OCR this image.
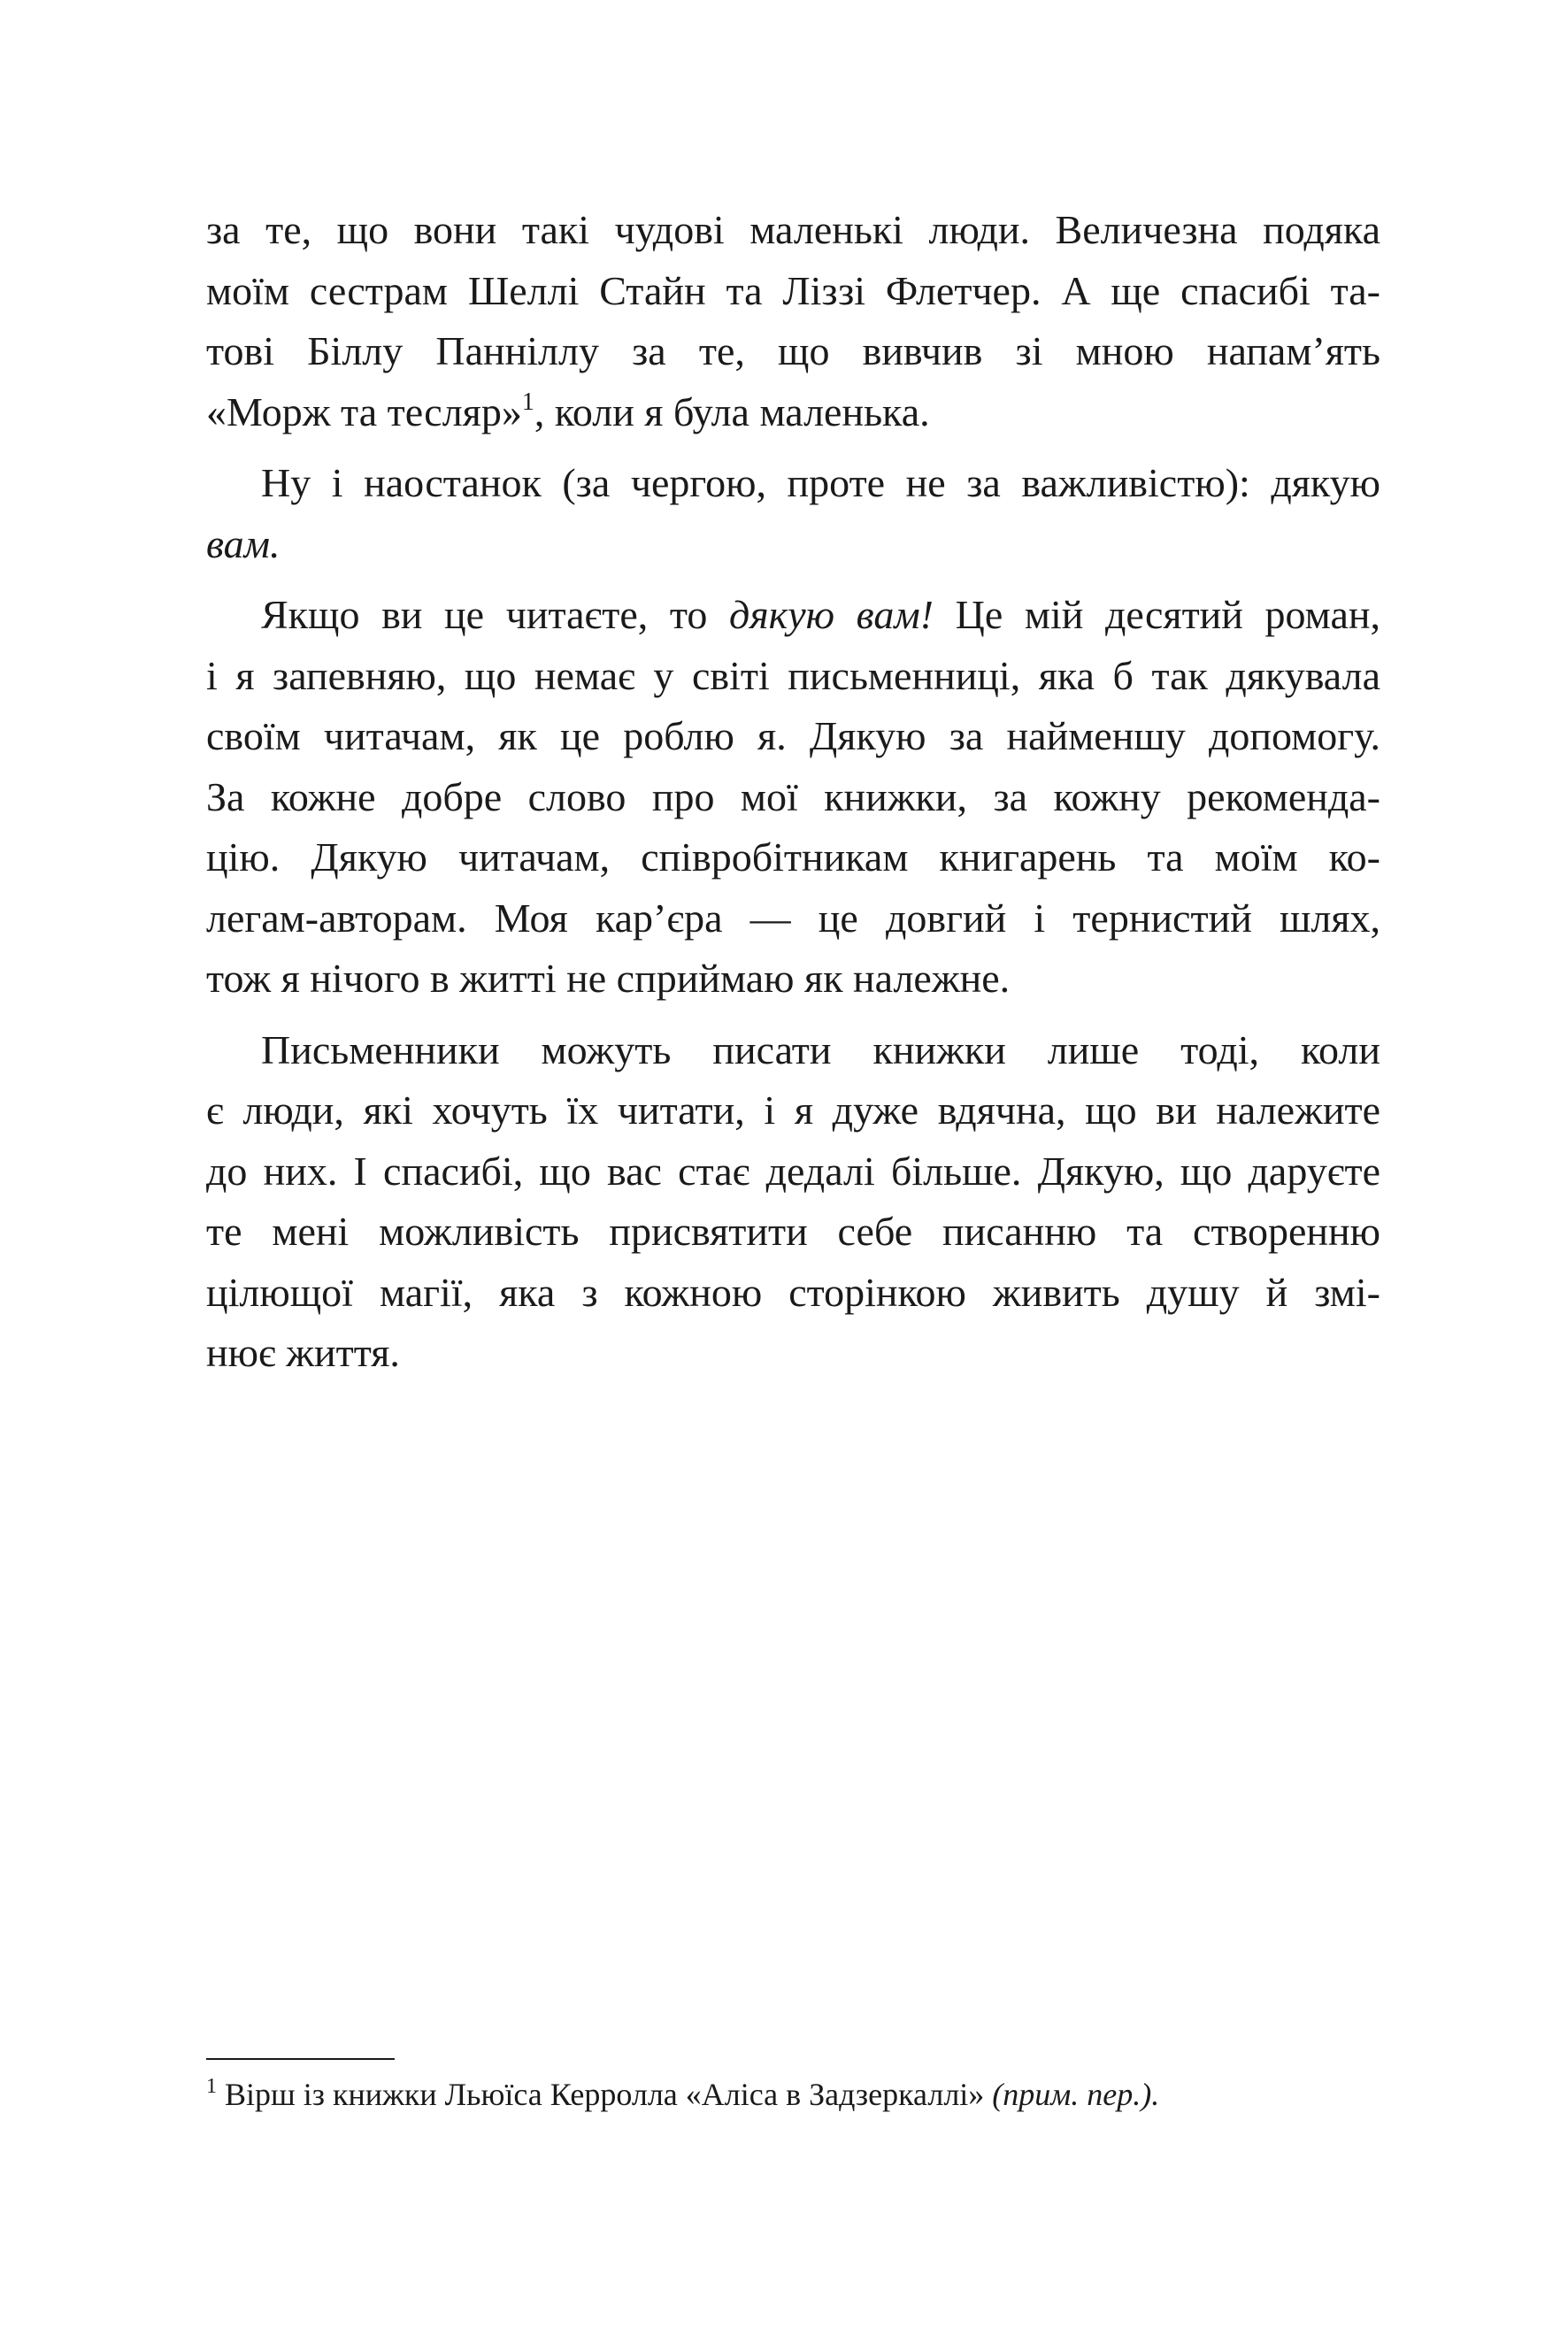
за те, що вони такі чудові маленькі люди. Величезна подяка
моїм сестрам Шеллі Стайн та Ліззі Флетчер. А ще спасибі та-
тові Біллу Панніллу за те, що вивчив зі мною напам’ять
«Морж та тесляр»$^1$, коли я була маленька.
Ну і наостанок (за чергою, проте не за важливістю): дякую
вам.
Якщо ви це читаєте, то дякую вам! Це мій десятий роман,
і я запевняю, що немає у світі письменниці, яка б так дякувала
своїм читачам, як це роблю я. Дякую за найменшу допомогу.
За кожне добре слово про мої книжки, за кожну рекоменда-
цію. Дякую читачам, співробітникам книгарень та моїм ко-
легам-авторам. Моя кар’єра — це довгий і тернистий шлях,
тож я нічого в житті не сприймаю як належне.
Письменники можуть писати книжки лише тоді, коли
є люди, які хочуть їх читати, і я дуже вдячна, що ви належите
до них. І спасибі, що вас стає дедалі більше. Дякую, що даруєте
те мені можливість присвятити себе писанню та створенню
цілющої магії, яка з кожною сторінкою живить душу й змі-
нює життя.
$^1$ Вірш із книжки Льюїса Керролла «Аліса в Задзеркаллі» (прим. пер.).
